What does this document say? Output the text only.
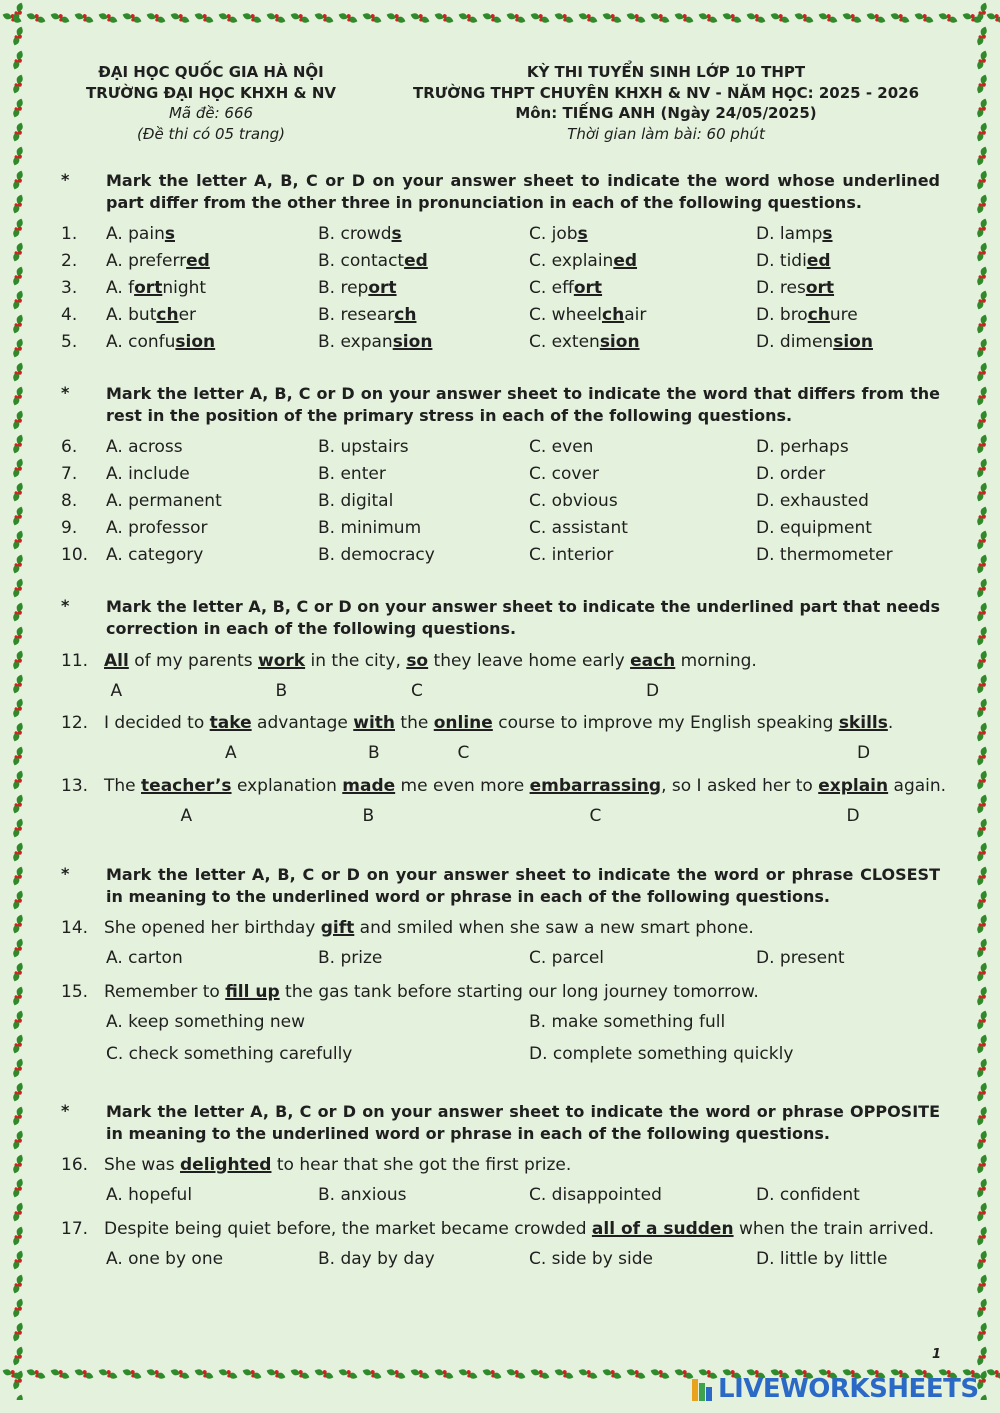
ĐẠI HỌC QUỐC GIA HÀ NỘI
TRƯỜNG ĐẠI HỌC KHXH & NV
Mã đề: 666
(Đề thi có 05 trang)
KỲ THI TUYỂN SINH LỚP 10 THPT
TRƯỜNG THPT CHUYÊN KHXH & NV - NĂM HỌC: 2025 - 2026
Môn: TIẾNG ANH (Ngày 24/05/2025)
Thời gian làm bài: 60 phút
* Mark the letter A, B, C or D on your answer sheet to indicate the word whose underlined part differ from the other three in pronunciation in each of the following questions.
1. A. pains	B. crowds	C. jobs	D. lamps
2. A. preferred	B. contacted	C. explained	D. tidied
3. A. fortnight	B. report	C. effort	D. resort
4. A. butcher	B. research	C. wheelchair	D. brochure
5. A. confusion	B. expansion	C. extension	D. dimension
* Mark the letter A, B, C or D on your answer sheet to indicate the word that differs from the rest in the position of the primary stress in each of the following questions.
6. A. across	B. upstairs	C. even	D. perhaps
7. A. include	B. enter	C. cover	D. order
8. A. permanent	B. digital	C. obvious	D. exhausted
9. A. professor	B. minimum	C. assistant	D. equipment
10. A. category	B. democracy	C. interior	D. thermometer
* Mark the letter A, B, C or D on your answer sheet to indicate the underlined part that needs correction in each of the following questions.
11. All of my parents work in the city, so they leave home early each morning.
A	B	C	D
12. I decided to take advantage with the online course to improve my English speaking skills.
A	B	C	D
13. The teacher’s explanation made me even more embarrassing, so I asked her to explain again.
A	B	C	D
* Mark the letter A, B, C or D on your answer sheet to indicate the word or phrase CLOSEST in meaning to the underlined word or phrase in each of the following questions.
14. She opened her birthday gift and smiled when she saw a new smart phone.
A. carton	B. prize	C. parcel	D. present
15. Remember to fill up the gas tank before starting our long journey tomorrow.
A. keep something new	B. make something full
C. check something carefully	D. complete something quickly
* Mark the letter A, B, C or D on your answer sheet to indicate the word or phrase OPPOSITE in meaning to the underlined word or phrase in each of the following questions.
16. She was delighted to hear that she got the first prize.
A. hopeful	B. anxious	C. disappointed	D. confident
17. Despite being quiet before, the market became crowded all of a sudden when the train arrived.
A. one by one	B. day by day	C. side by side	D. little by little
1
LIVEWORKSHEETS
